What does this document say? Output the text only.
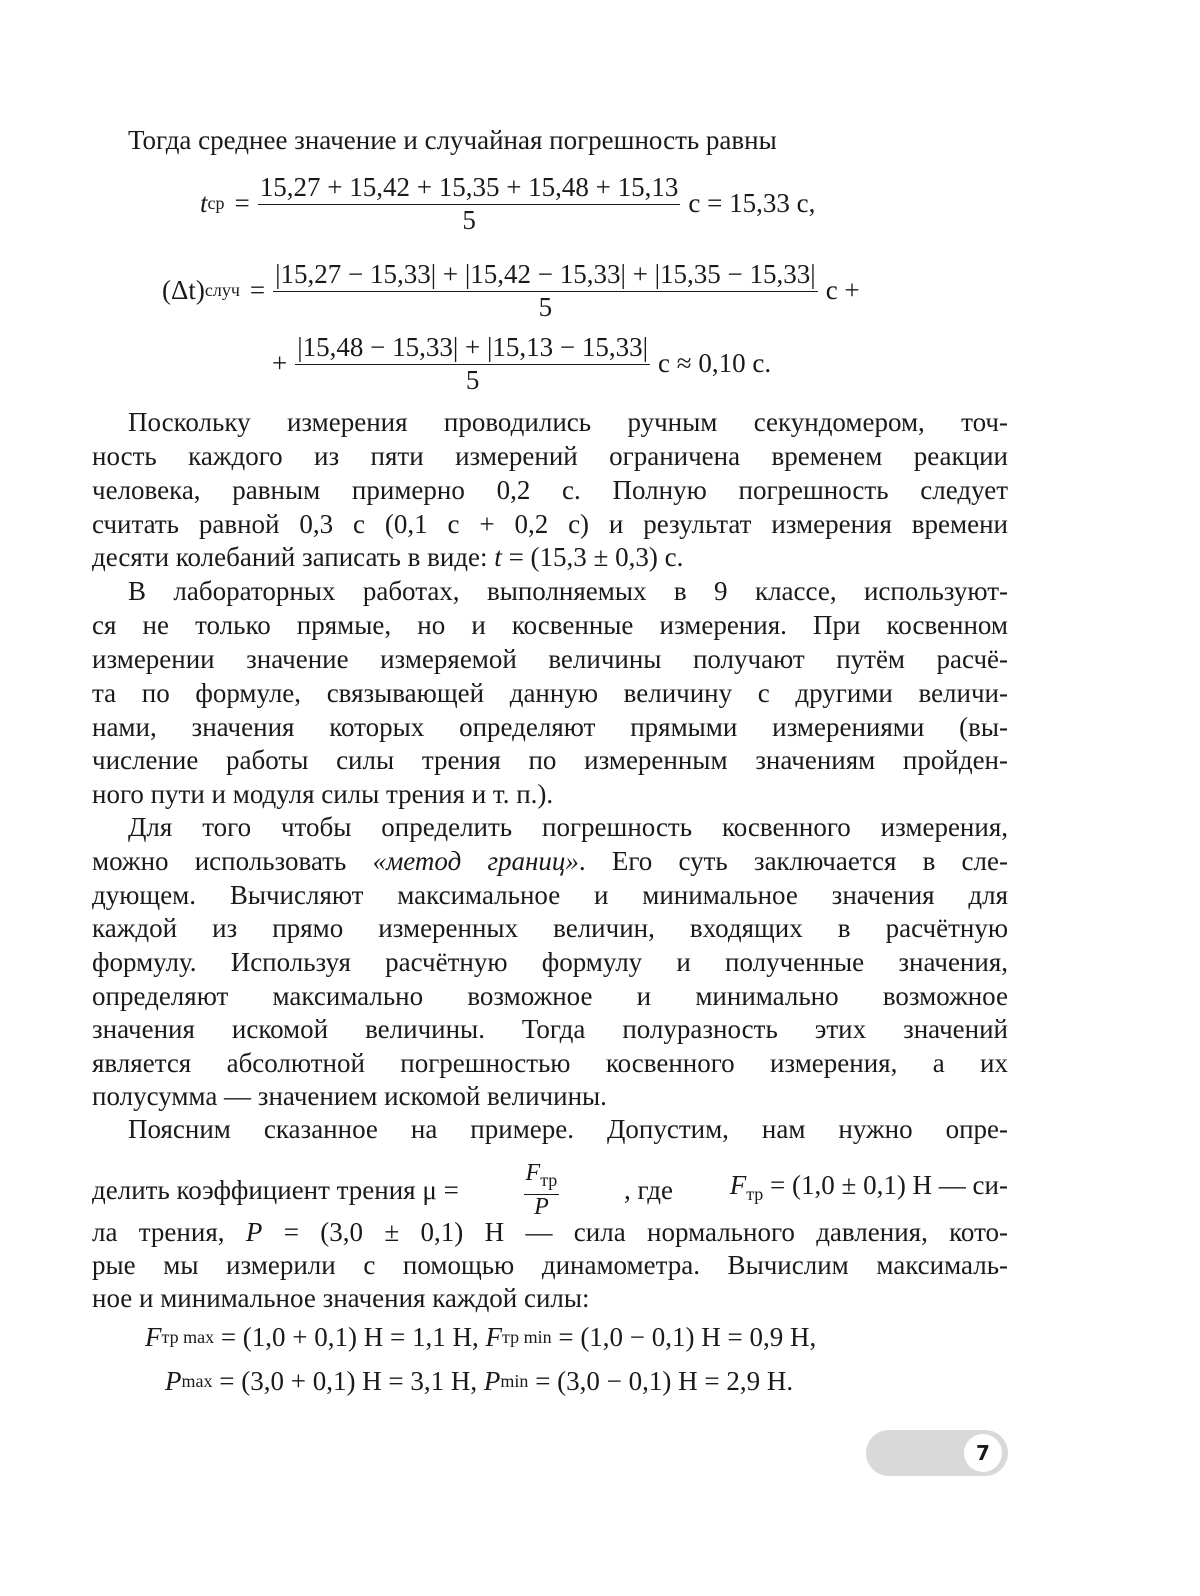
Тогда среднее значение и случайная погрешность равны
t ср = $\frac{15,27 + 15,42 + 15,35 + 15,48 + 15,13}{5}$ с = 15,33 с,
(Δt) случ = $\frac{|15,27 - 15,33| + |15,42 - 15,33| + |15,35 - 15,33|}{5}$ с +
+ $\frac{|15,48 - 15,33| + |15,13 - 15,33|}{5}$ с ≈ 0,10 с.
Поскольку измерения проводились ручным секундомером, точ-
ность каждого из пяти измерений ограничена временем реакции
человека, равным примерно 0,2 с. Полную погрешность следует
считать равной 0,3 с (0,1 с + 0,2 с) и результат измерения времени
десяти колебаний записать в виде: t = (15,3 ± 0,3) с.
В лабораторных работах, выполняемых в 9 классе, используют-
ся не только прямые, но и косвенные измерения. При косвенном
измерении значение измеряемой величины получают путём расчё-
та по формуле, связывающей данную величину с другими величи-
нами, значения которых определяют прямыми измерениями (вы-
числение работы силы трения по измеренным значениям пройден-
ного пути и модуля силы трения и т. п.).
Для того чтобы определить погрешность косвенного измерения,
можно использовать «метод границ». Его суть заключается в сле-
дующем. Вычисляют максимальное и минимальное значения для
каждой из прямо измеренных величин, входящих в расчётную
формулу. Используя расчётную формулу и полученные значения,
определяют максимально возможное и минимально возможное
значения искомой величины. Тогда полуразность этих значений
является абсолютной погрешностью косвенного измерения, а их
полусумма — значением искомой величины.
Поясним сказанное на примере. Допустим, нам нужно опре-
делить коэффициент трения μ =	$\frac{F_{тр}}{P}$ , где $F_{тр} = (1,0 \pm 0,1)$ Н — си-
ла трения, P = (3,0 ± 0,1) Н — сила нормального давления, кото-
рые мы измерили с помощью динамометра. Вычислим максималь-
ное и минимальное значения каждой силы:
F тр max = (1,0 + 0,1) Н = 1,1 Н, F тр min = (1,0 − 0,1) Н = 0,9 Н,
P max = (3,0 + 0,1) Н = 3,1 Н, P min = (3,0 − 0,1) Н = 2,9 Н.
7
